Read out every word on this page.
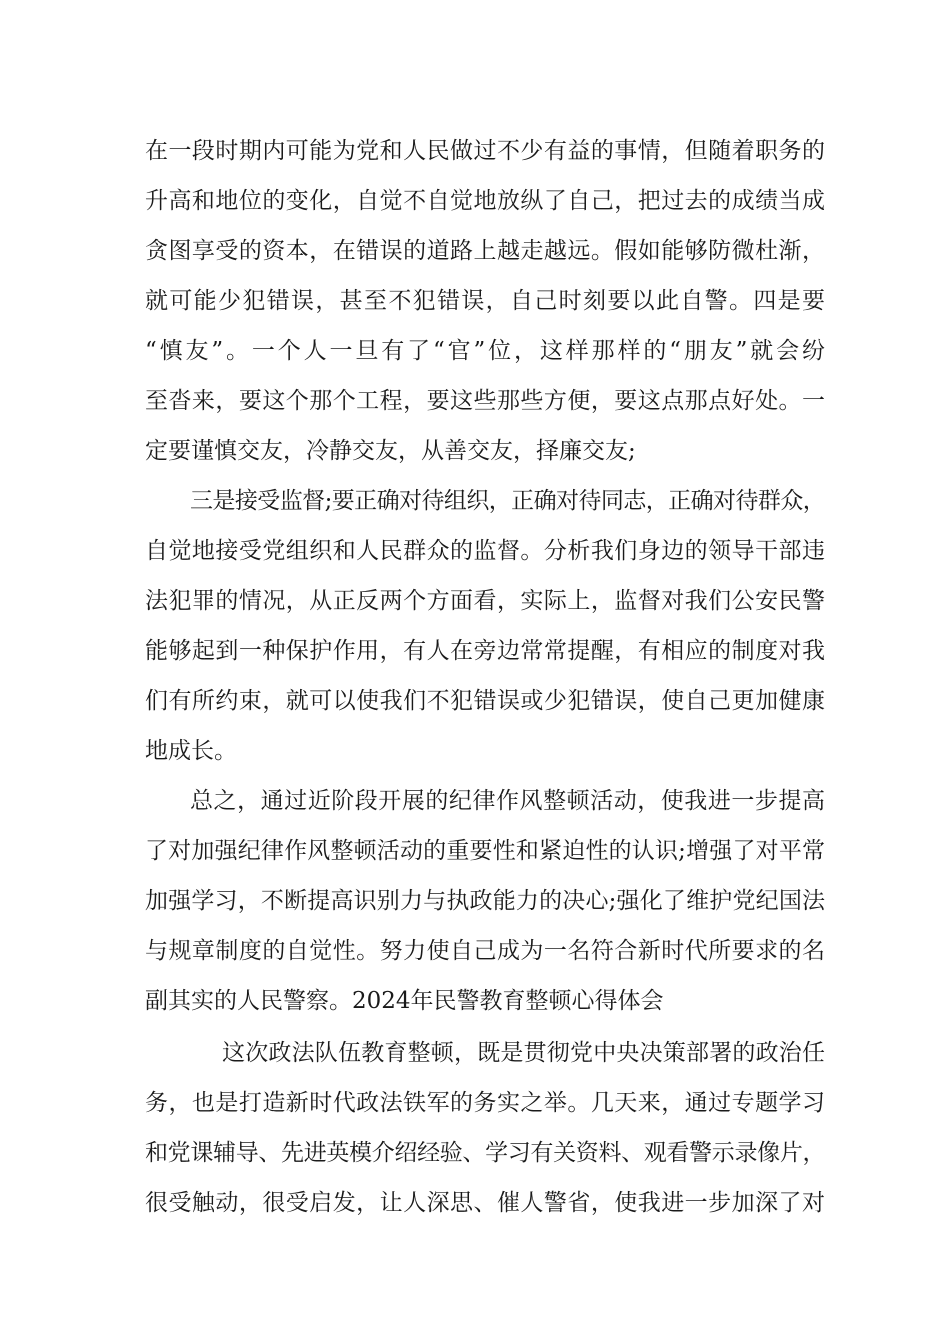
在一段时期内可能为党和人民做过不少有益的事情，但随着职务的
升高和地位的变化，自觉不自觉地放纵了自己，把过去的成绩当成
贪图享受的资本，在错误的道路上越走越远。假如能够防微杜渐，
就可能少犯错误，甚至不犯错误，自己时刻要以此自警。四是要
“慎友”。一个人一旦有了“官”位，这样那样的“朋友”就会纷
至沓来，要这个那个工程，要这些那些方便，要这点那点好处。一
定要谨慎交友，冷静交友，从善交友，择廉交友;
三是接受监督;要正确对待组织，正确对待同志，正确对待群众，
自觉地接受党组织和人民群众的监督。分析我们身边的领导干部违
法犯罪的情况，从正反两个方面看，实际上，监督对我们公安民警
能够起到一种保护作用，有人在旁边常常提醒，有相应的制度对我
们有所约束，就可以使我们不犯错误或少犯错误，使自己更加健康
地成长。
总之，通过近阶段开展的纪律作风整顿活动，使我进一步提高
了对加强纪律作风整顿活动的重要性和紧迫性的认识;增强了对平常
加强学习，不断提高识别力与执政能力的决心;强化了维护党纪国法
与规章制度的自觉性。努力使自己成为一名符合新时代所要求的名
副其实的人民警察。2024年民警教育整顿心得体会
这次政法队伍教育整顿，既是贯彻党中央决策部署的政治任
务，也是打造新时代政法铁军的务实之举。几天来，通过专题学习
和党课辅导、先进英模介绍经验、学习有关资料、观看警示录像片，
很受触动，很受启发，让人深思、催人警省，使我进一步加深了对
